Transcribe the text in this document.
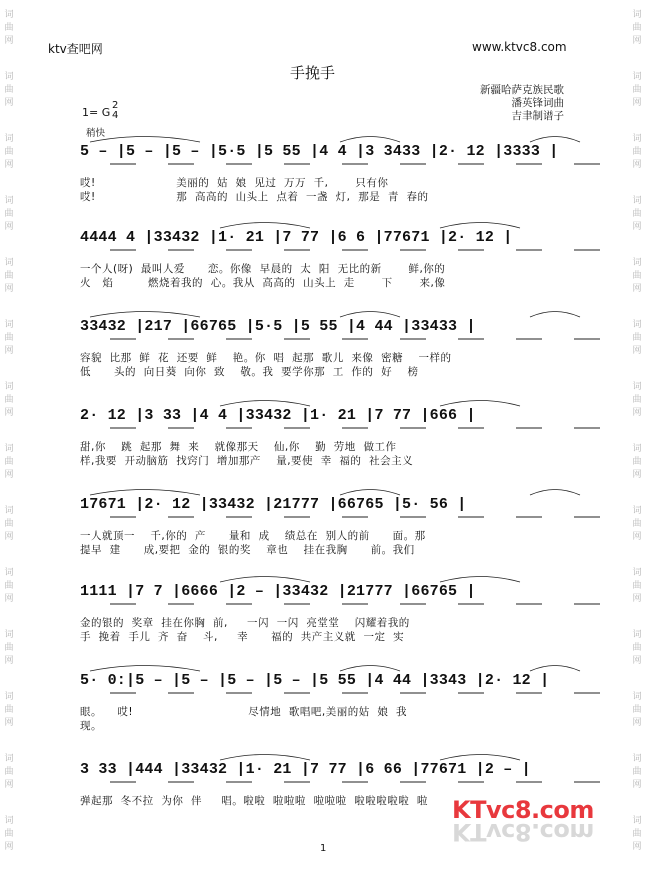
词
曲
网
词
曲
网
词
曲
网
词
曲
网
词
曲
网
词
曲
网
词
曲
网
词
曲
网
词
曲
网
词
曲
网
词
曲
网
词
曲
网
词
曲
网
词
曲
网
词
曲
网
词
曲
网
词
曲
网
词
曲
网
词
曲
网
词
曲
网
词
曲
网
词
曲
网
词
曲
网
词
曲
网
词
曲
网
词
曲
网
词
曲
网
词
曲
网
ktv查吧网	www.ktvc8.com
手挽手
新疆哈萨克族民歌
潘英锋词曲
吉聿制谱子
1= G
2
4
稍快
5 – |5 – |5 – |5·5 |5 55 |4 4 |3 3433 |2· 12 |3333 |
哎!                     美丽的  姑  娘  见过  万万  千,       只有你
哎!                     那  高高的  山头上  点着  一盏  灯,  那是  青  春的
4444 4 |33432 |1· 21 |7 77 |6 6 |77671 |2· 12 |
一个人(呀)  最叫人爱      恋。你像  早晨的  太  阳  无比的新       鲜,你的
火   焰         燃烧着我的  心。我从  高高的  山头上  走       下       来,像
33432 |217 |66765 |5·5 |5 55 |4 44 |33433 |
容貌  比那  鲜  花  还要  鲜    艳。你  唱  起那  歌儿  来像  密糖    一样的
低      头的  向日葵  向你  致    敬。我  要学你那  工  作的  好    榜
2· 12 |3 33 |4 4 |33432 |1· 21 |7 77 |666 |
甜,你    跳  起那  舞  来    就像那天    仙,你    勤  劳地  做工作
样,我要  开动脑筋  找窍门  增加那产    量,要使  幸  福的  社会主义
17671 |2· 12 |33432 |21777 |66765 |5· 56 |
一人就顶一    千,你的  产      量和  成    绩总在  别人的前      面。那
提早  建      成,要把  金的  银的奖    章也    挂在我胸      前。我们
1111 |7 7 |6666 |2 – |33432 |21777 |66765 |
金的银的  奖章  挂在你胸  前,     一闪  一闪  亮堂堂    闪耀着我的
手  挽着  手儿  齐  奋    斗,     幸      福的  共产主义就  一定  实
5· 0:|5 – |5 – |5 – |5 – |5 55 |4 44 |3343 |2· 12 |
眼。    哎!                              尽情地  歌唱吧,美丽的姑  娘  我
现。
3 33 |444 |33432 |1· 21 |7 77 |6 66 |77671 |2 – |
弹起那  冬不拉  为你  伴     唱。啦啦  啦啦啦  啦啦啦  啦啦啦啦啦  啦
1
KTvc8.com
KTvc8.com
